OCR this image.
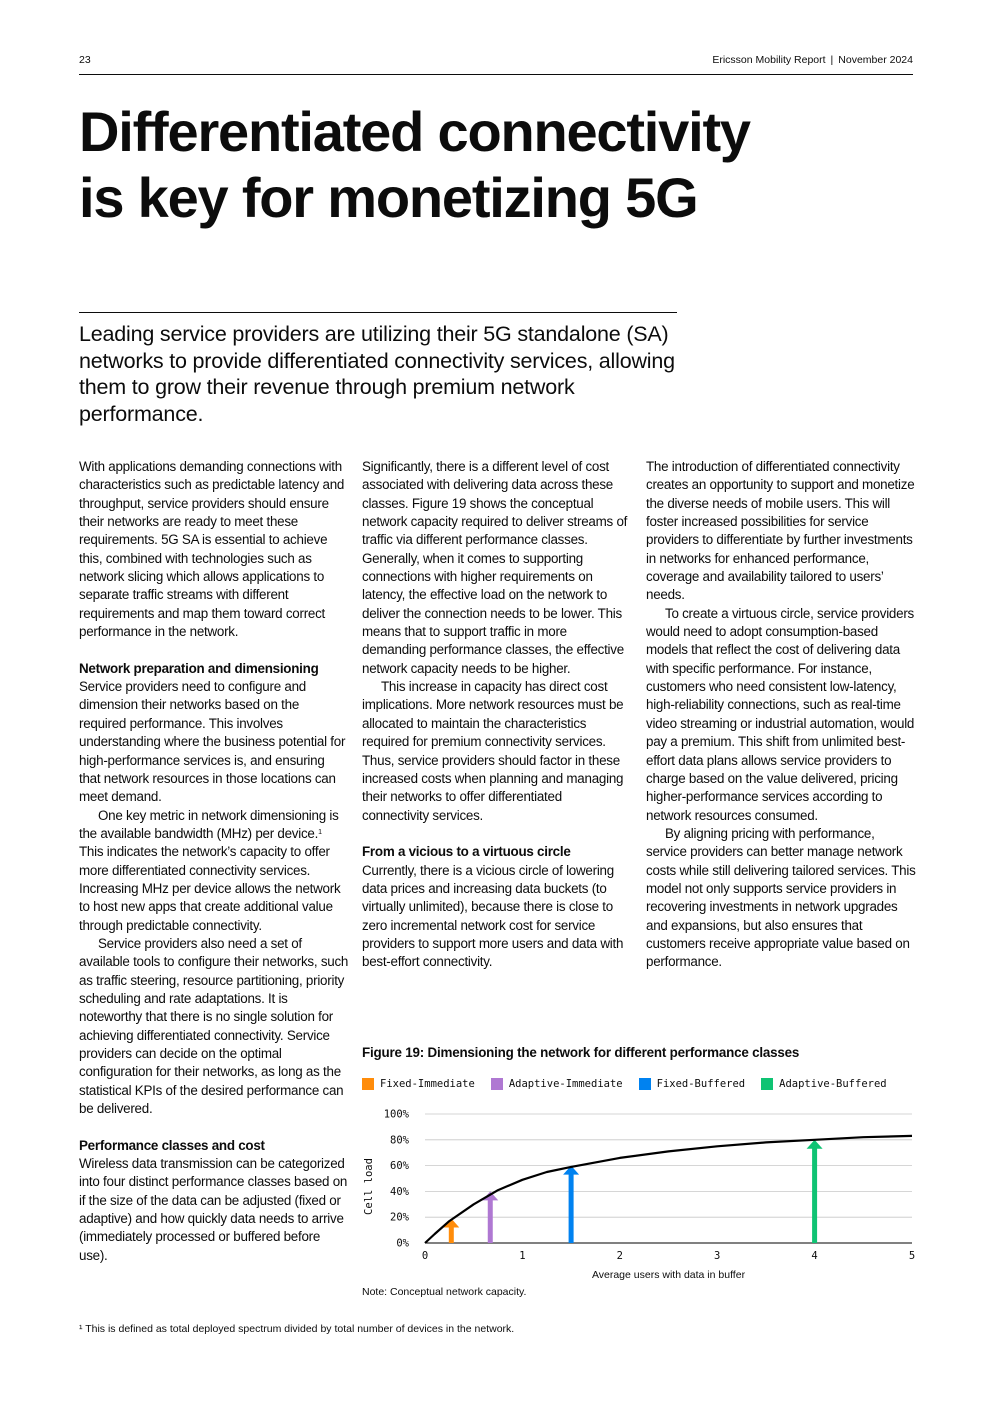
23	Ericsson Mobility Report | November 2024
Differentiated connectivity
is key for monetizing 5G

Leading service providers are utilizing their 5G standalone (SA) networks to provide differentiated connectivity services, allowing them to grow their revenue through premium network performance.

With applications demanding connections with characteristics such as predictable latency and throughput, service providers should ensure their networks are ready to meet these requirements. 5G SA is essential to achieve this, combined with technologies such as network slicing which allows applications to separate traffic streams with different requirements and map them toward correct performance in the network.

Network preparation and dimensioning

Service providers need to configure and dimension their networks based on the required performance. This involves understanding where the business potential for high-performance services is, and ensuring that network resources in those locations can meet demand.

One key metric in network dimensioning is the available bandwidth (MHz) per device.$^1$ This indicates the network’s capacity to offer more differentiated connectivity services. Increasing MHz per device allows the network to host new apps that create additional value through predictable connectivity.

Service providers also need a set of available tools to configure their networks, such as traffic steering, resource partitioning, priority scheduling and rate adaptations. It is noteworthy that there is no single solution for achieving differentiated connectivity. Service providers can decide on the optimal configuration for their networks, as long as the statistical KPIs of the desired performance can be delivered.

Performance classes and cost

Wireless data transmission can be categorized into four distinct performance classes based on if the size of the data can be adjusted (fixed or adaptive) and how quickly data needs to arrive (immediately processed or buffered before use).

Significantly, there is a different level of cost associated with delivering data across these classes. Figure 19 shows the conceptual network capacity required to deliver streams of traffic via different performance classes. Generally, when it comes to supporting connections with higher requirements on latency, the effective load on the network to deliver the connection needs to be lower. This means that to support traffic in more demanding performance classes, the effective network capacity needs to be higher.

This increase in capacity has direct cost implications. More network resources must be allocated to maintain the characteristics required for premium connectivity services. Thus, service providers should factor in these increased costs when planning and managing their networks to offer differentiated connectivity services.

From a vicious to a virtuous circle

Currently, there is a vicious circle of lowering data prices and increasing data buckets (to virtually unlimited), because there is close to zero incremental network cost for service providers to support more users and data with best-effort connectivity.

The introduction of differentiated connectivity creates an opportunity to support and monetize the diverse needs of mobile users. This will foster increased possibilities for service providers to differentiate by further investments in networks for enhanced performance, coverage and availability tailored to users’ needs.

To create a virtuous circle, service providers would need to adopt consumption-based models that reflect the cost of delivering data with specific performance. For instance, customers who need consistent low-latency, high-reliability connections, such as real-time video streaming or industrial automation, would pay a premium. This shift from unlimited best-effort data plans allows service providers to charge based on the value delivered, pricing higher-performance services according to network resources consumed.

By aligning pricing with performance, service providers can better manage network costs while still delivering tailored services. This model not only supports service providers in recovering investments in network upgrades and expansions, but also ensures that customers receive appropriate value based on performance.

Figure 19: Dimensioning the network for different performance classes
Fixed-Immediate	Adaptive-Immediate	Fixed-Buffered	Adaptive-Buffered
0%
20%
40%
60%
80%
100%
0	1	2	3	4	5
Average users with data in buffer
Cell load
Note: Conceptual network capacity.
¹ This is defined as total deployed spectrum divided by total number of devices in the network.
